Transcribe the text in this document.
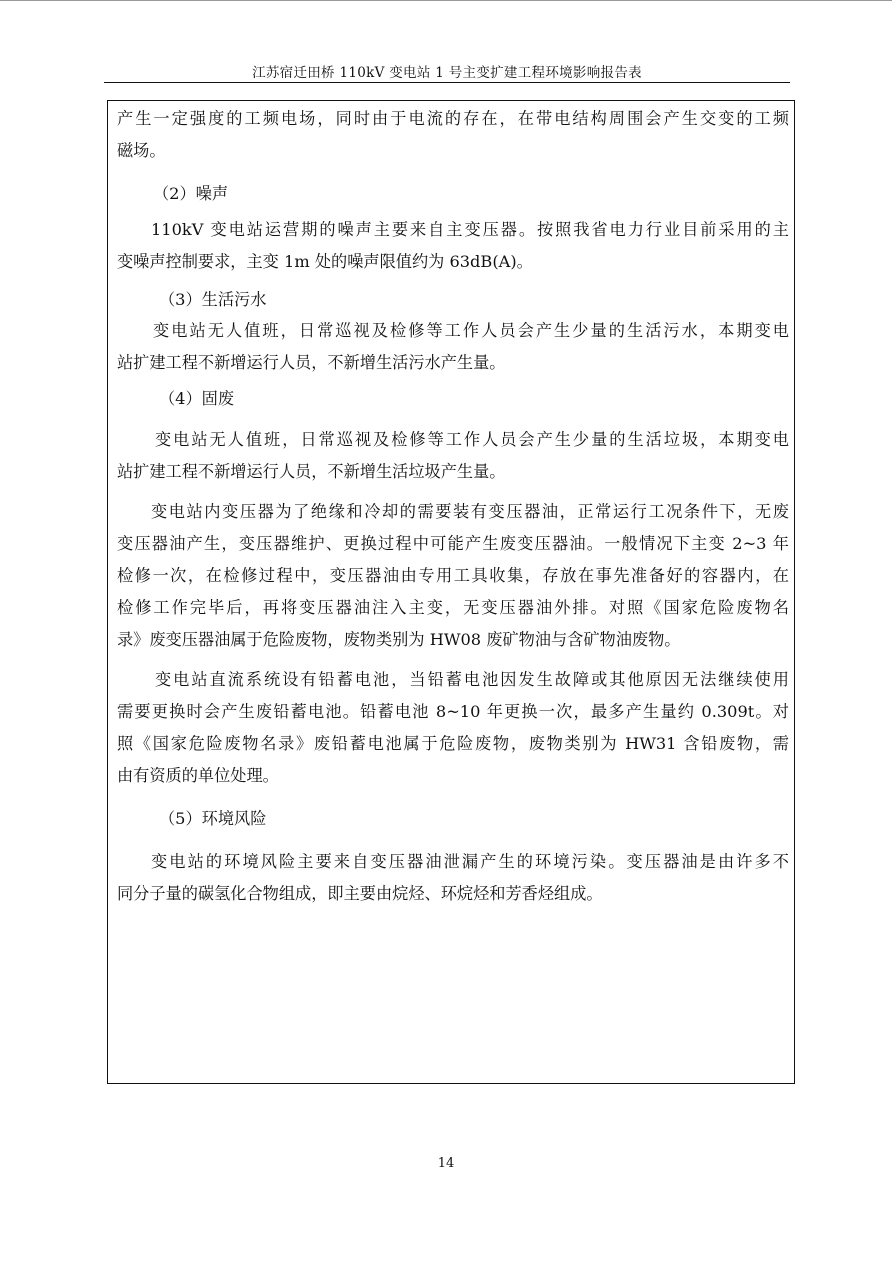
江苏宿迁田桥 110kV 变电站 1 号主变扩建工程环境影响报告表
产生一定强度的工频电场，同时由于电流的存在，在带电结构周围会产生交变的工频
磁场。
（2）噪声
110kV 变电站运营期的噪声主要来自主变压器。按照我省电力行业目前采用的主
变噪声控制要求，主变 1m 处的噪声限值约为 63dB(A)。
（3）生活污水
变电站无人值班，日常巡视及检修等工作人员会产生少量的生活污水，本期变电
站扩建工程不新增运行人员，不新增生活污水产生量。
（4）固废
变电站无人值班，日常巡视及检修等工作人员会产生少量的生活垃圾，本期变电
站扩建工程不新增运行人员，不新增生活垃圾产生量。
变电站内变压器为了绝缘和冷却的需要装有变压器油，正常运行工况条件下，无废
变压器油产生，变压器维护、更换过程中可能产生废变压器油。一般情况下主变 2~3 年
检修一次，在检修过程中，变压器油由专用工具收集，存放在事先准备好的容器内，在
检修工作完毕后，再将变压器油注入主变，无变压器油外排。对照《国家危险废物名
录》废变压器油属于危险废物，废物类别为 HW08 废矿物油与含矿物油废物。
变电站直流系统设有铅蓄电池，当铅蓄电池因发生故障或其他原因无法继续使用
需要更换时会产生废铅蓄电池。铅蓄电池 8~10 年更换一次，最多产生量约 0.309t。对
照《国家危险废物名录》废铅蓄电池属于危险废物，废物类别为 HW31 含铅废物，需
由有资质的单位处理。
（5）环境风险
变电站的环境风险主要来自变压器油泄漏产生的环境污染。变压器油是由许多不
同分子量的碳氢化合物组成，即主要由烷烃、环烷烃和芳香烃组成。
14
